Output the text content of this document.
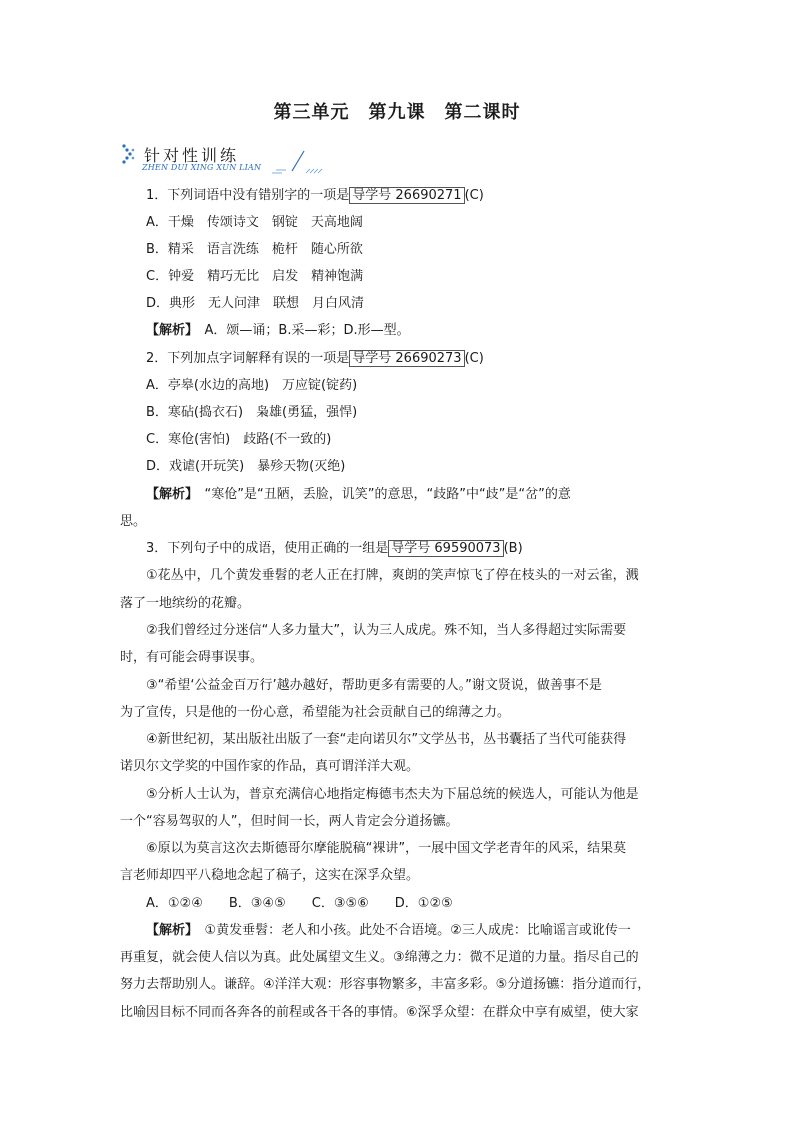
第三单元　第九课　第二课时
针对性训练
ZHEN DUI XING XUN LIAN
1．下列词语中没有错别字的一项是 导学号 26690271 (C)
A．干燥　传颂诗文　钢锭　天高地阔
B．精采　语言洗练　桅杆　随心所欲
C．钟爱　精巧无比　启发　精神饱满
D．典形　无人问津　联想　月白风清
【解析】　 A．颂—诵；B.采—彩；D.形—型。
2．下列加点字词解释有误的一项是 导学号 26690273 (C)
A．亭皋(水边的高地)　万应锭(锭药)
B．寒砧(捣衣石)　枭雄(勇猛，强悍)
C．寒伧(害怕)　歧路(不一致的)
D．戏谑(开玩笑)　暴殄天物(灭绝)
【解析】　 “寒伧”是“丑陋，丢脸，讥笑”的意思，“歧路”中“歧”是“岔”的意
思。
3．下列句子中的成语，使用正确的一组是 导学号 69590073 (B)
①花丛中，几个黄发垂髫的老人正在打牌，爽朗的笑声惊飞了停在枝头的一对云雀，溅
落了一地缤纷的花瓣。
②我们曾经过分迷信“人多力量大”，认为三人成虎。殊不知，当人多得超过实际需要
时，有可能会碍事误事。
③“希望‘公益金百万行’越办越好，帮助更多有需要的人。”谢文贤说，做善事不是
为了宣传，只是他的一份心意，希望能为社会贡献自己的绵薄之力。
④新世纪初，某出版社出版了一套“走向诺贝尔”文学丛书，丛书囊括了当代可能获得
诺贝尔文学奖的中国作家的作品，真可谓洋洋大观。
⑤分析人士认为，普京充满信心地指定梅德韦杰夫为下届总统的候选人，可能认为他是
一个“容易驾驭的人”，但时间一长，两人肯定会分道扬镳。
⑥原以为莫言这次去斯德哥尔摩能脱稿“裸讲”，一展中国文学老青年的风采，结果莫
言老师却四平八稳地念起了稿子，这实在深孚众望。
A．①②④　　B．③④⑤　　C．③⑤⑥　　D．①②⑤
【解析】　 ①黄发垂髫：老人和小孩。此处不合语境。②三人成虎：比喻谣言或讹传一
再重复，就会使人信以为真。此处属望文生义。③绵薄之力：微不足道的力量。指尽自己的
努力去帮助别人。谦辞。④洋洋大观：形容事物繁多，丰富多彩。⑤分道扬镳：指分道而行，
比喻因目标不同而各奔各的前程或各干各的事情。⑥深孚众望：在群众中享有威望，使大家
